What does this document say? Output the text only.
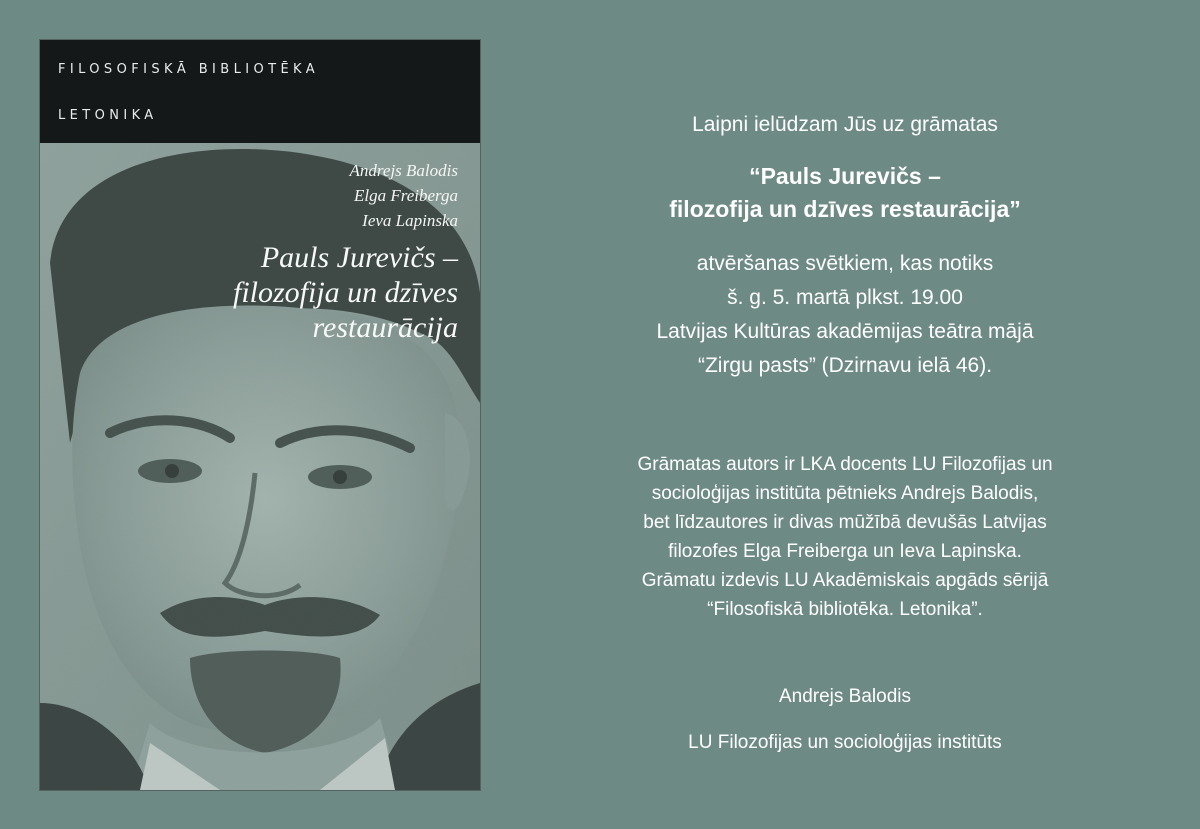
FILOSOFISKĀ BIBLIOTĒKA
LETONIKA
Andrejs Balodis
Elga Freiberga
Ieva Lapinska
Pauls Jurevičs –
filozofija un dzīves
restaurācija
Laipni ielūdzam Jūs uz grāmatas
“Pauls Jurevičs –
filozofija un dzīves restaurācija”
atvēršanas svētkiem, kas notiks
š. g. 5. martā plkst. 19.00
Latvijas Kultūras akadēmijas teātra mājā
“Zirgu pasts” (Dzirnavu ielā 46).
Grāmatas autors ir LKA docents LU Filozofijas un
socioloģijas institūta pētnieks Andrejs Balodis,
bet līdzautores ir divas mūžībā devušās Latvijas
filozofes Elga Freiberga un Ieva Lapinska.
Grāmatu izdevis LU Akadēmiskais apgāds sērijā
“Filosofiskā bibliotēka. Letonika”.
Andrejs Balodis
LU Filozofijas un socioloģijas institūts
